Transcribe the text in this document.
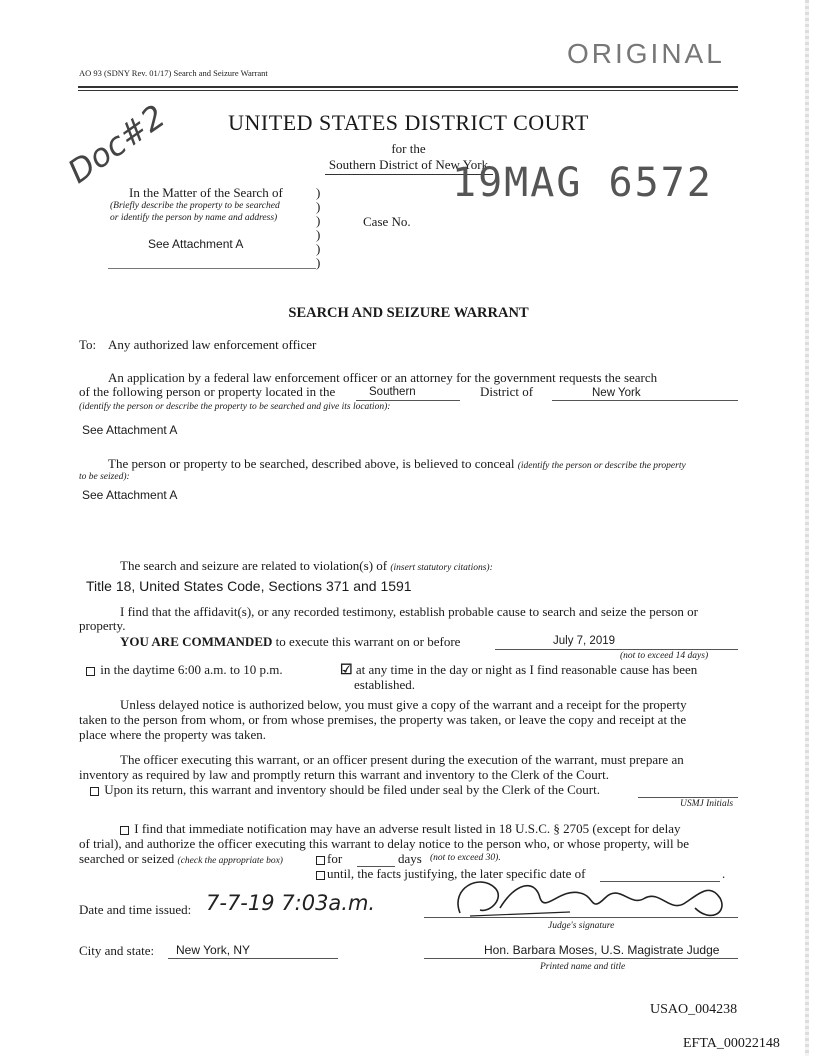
AO 93 (SDNY Rev. 01/17) Search and Seizure Warrant
ORIGINAL
Doc#2	UNITED STATES DISTRICT COURT
for the
Southern District of New York
In the Matter of the Search of
(Briefly describe the property to be searched
or identify the person by name and address)
See Attachment A
)
)
)
)
)
)
Case No.
19MAG 6572
SEARCH AND SEIZURE WARRANT
To: Any authorized law enforcement officer
An application by a federal law enforcement officer or an attorney for the government requests the search
of the following person or property located in the	Southern	District of	New York
(identify the person or describe the property to be searched and give its location):
See Attachment A
The person or property to be searched, described above, is believed to conceal (identify the person or describe the property
to be seized):
See Attachment A
The search and seizure are related to violation(s) of (insert statutory citations):
Title 18, United States Code, Sections 371 and 1591
I find that the affidavit(s), or any recorded testimony, establish probable cause to search and seize the person or
property.
YOU ARE COMMANDED to execute this warrant on or before	July 7, 2019
(not to exceed 14 days)
in the daytime 6:00 a.m. to 10 p.m.	☑ at any time in the day or night as I find reasonable cause has been
established.
Unless delayed notice is authorized below, you must give a copy of the warrant and a receipt for the property
taken to the person from whom, or from whose premises, the property was taken, or leave the copy and receipt at the
place where the property was taken.
The officer executing this warrant, or an officer present during the execution of the warrant, must prepare an
inventory as required by law and promptly return this warrant and inventory to the Clerk of the Court.
Upon its return, this warrant and inventory should be filed under seal by the Clerk of the Court.
USMJ Initials
I find that immediate notification may have an adverse result listed in 18 U.S.C. § 2705 (except for delay
of trial), and authorize the officer executing this warrant to delay notice to the person who, or whose property, will be
searched or seized (check the appropriate box)	for	days (not to exceed 30).
until, the facts justifying, the later specific date of	.
Date and time issued: 7-7-19 7:03a.m.
Judge's signature
City and state: New York, NY	Hon. Barbara Moses, U.S. Magistrate Judge
Printed name and title
USAO_004238
EFTA_00022148
